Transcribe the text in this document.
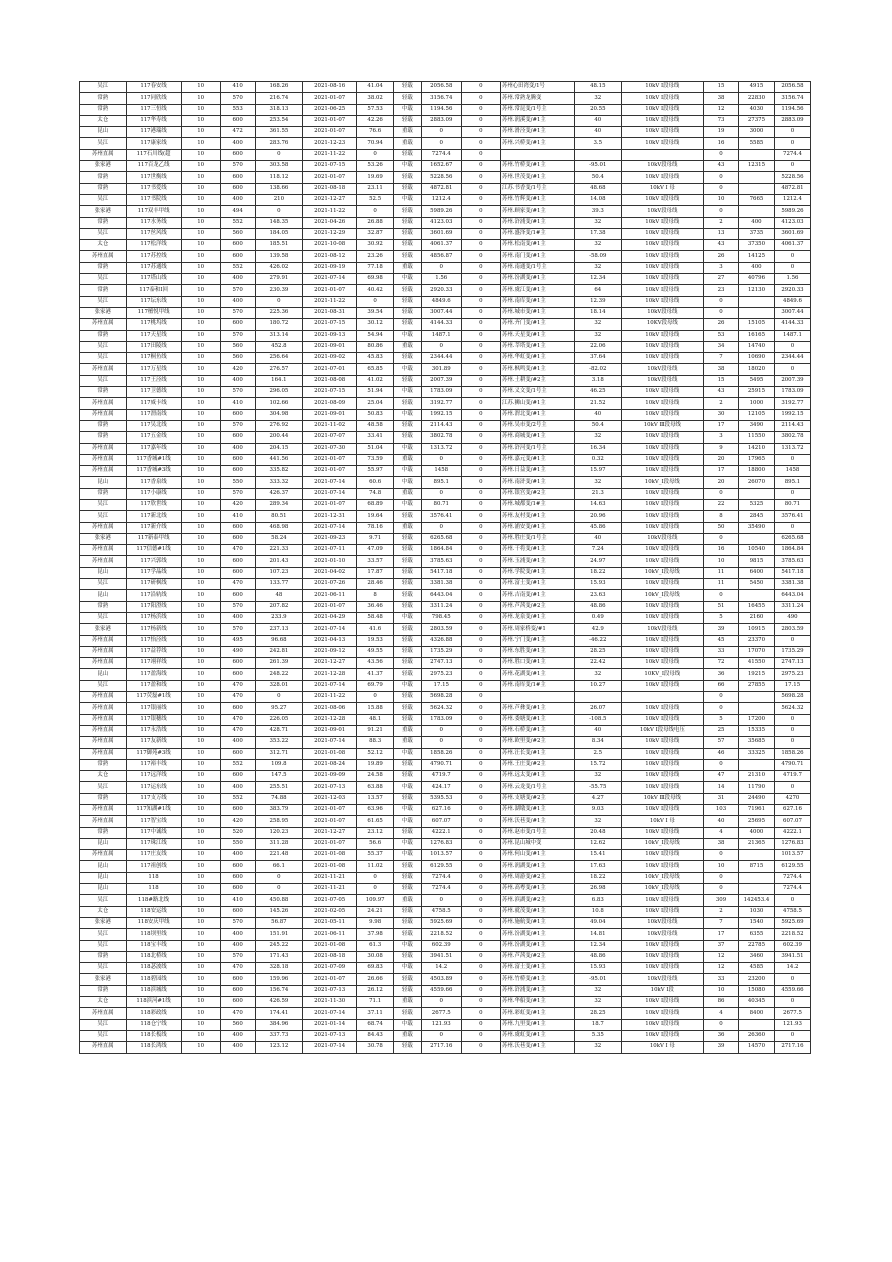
吴江	117春安线	10	410	168.26	2021-08-16	41.04	轻载	2056.58	0	苏州心田湾变/1号	48.15	10kV Ⅰ段母线	15	4915	2056.58
常熟	117同欣线	10	570	216.74	2021-01-07	38.02	轻载	3156.74	0	苏州.常熟龙腾变	32	10kV Ⅰ段母线	38	22830	3156.74
常熟	117三恒线	10	553	318.13	2021-06-25	57.53	中载	1194.56	0	苏州.常昆变/1号主	20.55	10kV Ⅰ段母线	12	4030	1194.56
太仓	117华寿线	10	600	253.54	2021-01-07	42.26	轻载	2883.09	0	苏州.润溪变/#1主	40	10kV Ⅰ段母线	73	27375	2883.09
昆山	117港瑞线	10	472	361.55	2021-01-07	76.6	重载	0	0	苏州.滑泾变/#1主	40	10kV Ⅰ段母线	19	3000	0
吴江	117康家线	10	400	283.76	2021-12-23	70.94	重载	0	0	苏州.兴桥变/#1主	3.5	10kV Ⅰ段母线	16	5585	0
苏州直属	117石川线(超	10	600	0	2021-11-22	0	轻载	7274.4	0				0		7274.4
张家港	117百龙乙线	10	570	303.58	2021-07-15	53.26	中载	1652.67	0	苏州.竹桥变/#1主	-95.01	10kV段母线	43	12315	0
常熟	117世衡线	10	600	118.12	2021-01-07	19.69	轻载	5228.56	0	苏州.世茂变/#1主	50.4	10kV Ⅰ段母线	0		5228.56
常熟	117书爱线	10	600	138.66	2021-08-18	23.11	轻载	4872.81	0	江苏.书香变/1号主	48.68	10kV Ⅰ 母	0		4872.81
吴江	117书院线	10	400	210	2021-12-27	52.5	中载	1212.4	0	苏州.竹辉变/#1主	14.08	10kV Ⅰ段母线	10	7665	1212.4
张家港	117双丰甲线	10	494	0	2021-11-22	0	轻载	5989.26	0	苏州.顾家变/#1主	39.3	10kV段母线	0		5989.26
常熟	117水务线	10	552	148.35	2021-04-26	26.88	轻载	4123.03	0	苏州.浒浦变/#1主	32	10kV Ⅰ段母线	2	400	4123.03
吴江	117丝风线	10	560	184.05	2021-12-29	32.87	轻载	3601.69	0	苏州.盛泽变/1#主	17.38	10kV Ⅰ段母线	13	3735	3601.69
太仓	117松洋线	10	600	185.51	2021-10-08	30.92	轻载	4061.37	0	苏州.松南变/#1主	32	10kV Ⅰ段母线	43	37350	4061.37
苏州直属	117苏控线	10	600	139.58	2021-08-12	23.26	轻载	4856.87	0	苏州.南门变/#1主	-58.09	10kV Ⅰ段母线	26	14125	0
常熟	117苏通线	10	552	426.02	2021-09-19	77.18	重载	0	0	苏州.南通变/1号主	32	10kV Ⅰ段母线	3	400	0
吴江	117塔山线	10	400	279.91	2021-07-14	69.98	中载	1.56	0	苏州.汾湖变/#1主	12.34	10kV Ⅰ段母线	27	40796	1.56
常熟	117泰和Ⅰ回	10	570	230.39	2021-01-07	40.42	轻载	2920.33	0	苏州.虞江变/#1主	64	10kV Ⅰ段母线	23	12130	2920.33
吴江	117坛东线	10	400	0	2021-11-22	0	轻载	4849.6	0	苏州.南库变/#1主	12.39	10kV Ⅰ段母线	0		4849.6
张家港	117檀悦甲线	10	570	225.36	2021-08-31	39.54	轻载	3007.44	0	苏州.城市变/#1主	18.14	10kV段母线	0		3007.44
苏州直属	117桃坞线	10	600	180.72	2021-07-15	30.12	轻载	4144.33	0	苏州.齐门变/#1主	32	10KV段母线	26	15105	4144.33
常熟	117天星线	10	570	313.14	2021-09-13	54.94	中载	1487.1	0	苏州.天星变/#1主	32	10kV Ⅰ段母线	53	16165	1487.1
吴江	117田陵线	10	560	452.8	2021-09-01	80.86	重载	0	0	苏州.莘塔变/#1主	22.06	10kV Ⅰ段母线	34	14740	0
吴江	117桐鱼线	10	560	256.64	2021-09-02	45.83	轻载	2344.44	0	苏州.华虹变/#1主	37.64	10kV Ⅰ段母线	7	10690	2344.44
苏州直属	117万星线	10	420	276.57	2021-07-01	65.85	中载	301.89	0	苏州.枫鸣变/#1主	-82.02	10kV段母线	38	18020	0
吴江	117王泾线	10	400	164.1	2021-08-08	41.02	轻载	2007.39	0	苏州.土耕变/#2主	3.18	10kV段母线	15	5495	2007.39
常熟	117卫德线	10	570	296.05	2021-07-15	51.94	中载	1783.09	0	苏州.义文变/1号主	46.25	10kV Ⅰ段母线	43	25915	1783.09
苏州直属	117威卡线	10	410	102.66	2021-08-09	25.04	轻载	3192.77	0	江苏.狮山变/#1主	21.52	10kV Ⅰ段母线	2	1000	3192.77
苏州直属	117渭南线	10	600	304.98	2021-09-01	50.83	中载	1992.15	0	苏州.渭北变/#1主	40	10kV Ⅰ段母线	30	12105	1992.15
常熟	117吴北线	10	570	276.92	2021-11-02	48.58	轻载	2114.43	0	苏州.吴市变/2号主	50.4	10kV Ⅲ段母线	17	3490	2114.43
常熟	117五金线	10	600	200.44	2021-07-07	33.41	轻载	3802.78	0	苏州.商城变/#1主	32	10kV Ⅰ段母线	3	11550	3802.78
苏州直属	117嘉年线	10	400	204.15	2021-07-30	51.04	中载	1313.72	0	苏州.浒河变/1号主	16.34	10kV Ⅰ段母线	9	14210	1313.72
苏州直属	117香城#1线	10	600	441.56	2021-01-07	73.59	重载	0	0	苏州.嘉元变/#1主	0.32	10kV Ⅰ段母线	20	17965	0
苏州直属	117香城#3线	10	600	335.82	2021-01-07	55.97	中载	1458	0	苏州.日益变/#1主	15.97	10kV Ⅰ段母线	17	18800	1458
昆山	117香泉线	10	550	333.32	2021-07-14	60.6	中载	895.1	0	苏州.南浒变/#1主	32	10kV_Ⅰ段母线	20	26070	895.1
常熟	117小康线	10	570	426.37	2021-07-14	74.8	重载	0	0	苏州.银宫变/#2主	21.3	10kV Ⅰ段母线	0		0
吴江	117欣世线	10	420	289.34	2021-01-07	68.89	中载	80.71	0	苏州.城都变/1#主	14.63	10kV Ⅰ段母线	22	5325	80.71
吴江	117新北线	10	410	80.51	2021-12-31	19.64	轻载	3576.41	0	苏州.友村变/#1主	20.96	10kV Ⅰ段母线	8	2845	3576.41
苏州直属	117新介线	10	600	468.98	2021-07-14	78.16	重载	0	0	苏州.浦安变/#1主	45.86	10kV Ⅰ段母线	50	35490	0
张家港	117新泰甲线	10	600	58.24	2021-09-23	9.71	轻载	6265.68	0	苏州.胜庄变/1号主	40	10kV段母线	0		6265.68
苏州直属	117信德#1线	10	470	221.33	2021-07-11	47.09	轻载	1864.84	0	苏州.干将变/#1主	7.24	10kV Ⅰ段母线	16	10540	1864.84
苏州直属	117兴郭线	10	600	201.43	2021-01-10	33.57	轻载	3785.63	0	苏州.玉浦变/#1主	24.97	10kV Ⅰ段母线	10	9815	3785.63
昆山	117学晶线	10	600	107.23	2021-04-02	17.87	轻载	5417.18	0	苏州.学院变/#1主	18.22	10kV_Ⅰ段母线	11	6400	5417.18
吴江	117研枫线	10	470	133.77	2021-07-26	28.46	轻载	3381.38	0	苏州.富土变/#1主	15.93	10kV Ⅰ段母线	11	5450	3381.38
昆山	117沿轨线	10	600	48	2021-06-11	8	轻载	6443.04	0	苏州.吉南变/#1主	23.63	10kV_Ⅰ段母线	0		6443.04
常熟	117阳澄线	10	570	207.82	2021-01-07	36.46	轻载	3311.24	0	苏州.芦茜变/#2主	48.86	10kV Ⅰ段母线	51	16455	3311.24
吴江	117杨浜线	10	400	233.9	2021-04-29	58.48	中载	798.45	0	苏州.龙泉变/#1主	0.49	10kV Ⅰ段母线	5	2160	490
张家港	117杨新线	10	570	237.13	2021-07-14	41.6	轻载	2803.59	0	苏州.周家桥变/#1	42.9	10kV段母线	39	10915	2803.59
苏州直属	117怡泾线	10	495	96.68	2021-04-13	19.53	轻载	4326.88	0	苏州.宁门变/#1主	-46.22	10kV Ⅰ段母线	45	23370	0
苏州直属	117益荐线	10	490	242.81	2021-09-12	49.55	轻载	1735.29	0	苏州.东胜变/#1主	28.25	10kV Ⅰ段母线	33	17070	1735.29
苏州直属	117翊祥线	10	600	261.39	2021-12-27	43.56	轻载	2747.13	0	苏州.胜口变/#1主	22.42	10kV Ⅰ段母线	72	41550	2747.13
昆山	117盈海线	10	600	248.22	2021-12-28	41.37	轻载	2975.23	0	苏州.花湖变/#1主	32	10KV_Ⅰ段母线	36	19215	2975.23
吴江	117盈和线	10	470	328.01	2021-07-14	69.79	中载	17.15	0	苏州.南厍变/1#主	10.27	10kV Ⅰ段母线	66	27855	17.15
苏州直属	117荧磊#1线	10	470	0	2021-11-22	0	轻载	5698.28	0				0		5698.28
苏州直属	117银丽线	10	600	95.27	2021-08-06	15.88	轻载	5624.32	0	苏州.芦彝变/#1主	26.07	10kV Ⅰ段母线	0		5624.32
苏州直属	117银穗线	10	470	226.05	2021-12-28	48.1	轻载	1783.09	0	苏州.娄塘变/#1主	-108.5	10kV Ⅰ段母线	5	17200	0
苏州直属	117永浩线	10	470	428.71	2021-09-01	91.21	重载	0	0	苏州.石桥变/#1主	40	10kV Ⅰ段母线电压	25	15335	0
苏州直属	117友新线	10	400	353.22	2021-07-14	88.3	重载	0	0	苏州.欧里变/#2主	8.34	10kV Ⅰ段母线	57	35685	0
苏州直属	117御苑#3线	10	600	312.71	2021-01-08	52.12	中载	1858.26	0	苏州.汪长变/#1主	2.5	10kV Ⅰ段母线	46	33325	1858.26
常熟	117裕丰线	10	552	109.8	2021-08-24	19.89	轻载	4790.71	0	苏州.王庄变/#2主	15.72	10kV Ⅰ段母线	0		4790.71
太仓	117远洋线	10	600	147.5	2021-09-09	24.58	轻载	4719.7	0	苏州.远太变/#1主	32	10kV Ⅰ段母线	47	21310	4719.7
吴江	117运东线	10	400	255.51	2021-07-13	63.88	中载	424.17	0	苏州.云龙变/1号主	-55.75	10kV Ⅰ段母线	14	11790	0
常熟	117支万线	10	552	74.88	2021-12-03	13.57	轻载	5395.53	0	苏州.支塘变/#2主	4.27	10kV Ⅲ段母线	31	24490	4270
苏州直属	117知湖#1线	10	600	383.79	2021-01-07	63.96	中载	627.16	0	苏州.湖墩变/#1主	9.03	10kV Ⅰ段母线	103	71961	627.16
苏州直属	117智宝线	10	420	258.95	2021-01-07	61.65	中载	607.07	0	苏州.沃巷变/#1主	32	10kV Ⅰ 母	40	25695	607.07
常熟	117中诚线	10	520	120.23	2021-12-27	23.12	轻载	4222.1	0	苏州.赵市变/1号主	20.48	10kV Ⅰ段母线	4	4000	4222.1
昆山	117珠江线	10	550	311.28	2021-01-07	56.6	中载	1276.83	0	苏州.昆山城中变	12.62	10kV_Ⅰ段母线	38	21365	1276.83
苏州直属	117庄友线	10	400	221.48	2021-01-08	55.37	中载	1013.57	0	苏州.何山变/#1主	15.41	10kV Ⅰ段母线	0		1013.57
昆山	117祖创线	10	600	66.1	2021-01-08	11.02	轻载	6129.55	0	苏州.润湖变/#1主	17.63	10kV Ⅰ段母线	10	8715	6129.55
昆山	118	10	600	0	2021-11-21	0	轻载	7274.4	0	苏州.周游变/#2主	18.22	10kV_Ⅰ段母线	0		7274.4
昆山	118	10	600	0	2021-11-21	0	轻载	7274.4	0	苏州.高粤变/#1主	26.98	10kV_Ⅰ段母线	0		7274.4
吴江	118#路北线	10	410	450.88	2021-07-05	109.97	重载	0	0	苏州.滨湖变/#2主	6.83	10kV Ⅰ段母线	309	142453.4	0
太仓	118安运线	10	600	145.26	2021-02-05	24.21	轻载	4758.5	0	苏州.就茂变/#1主	10.8	10kV Ⅰ段母线	2	1030	4758.5
张家港	118安庆甲线	10	570	56.87	2021-05-11	9.98	轻载	5925.69	0	苏州.施航变/#1主	49.04	10kV段母线	7	1540	5925.69
吴江	118坝里线	10	400	151.91	2021-06-11	37.98	轻载	2218.52	0	苏州.汾湖变/#1主	14.81	10kV段母线	17	6355	2218.52
吴江	118宝丰线	10	400	245.22	2021-01-08	61.3	中载	602.39	0	苏州.汾湖变/#1主	12.34	10kV Ⅰ段母线	37	22785	602.39
常熟	118北桥线	10	570	171.43	2021-08-18	30.08	轻载	3941.51	0	苏州.芦茜变/#2主	48.86	10kV Ⅰ段母线	12	3460	3941.51
吴江	118苾波线	10	470	328.18	2021-07-09	69.83	中载	14.2	0	苏州.富土变/#1主	15.93	10kV Ⅰ段母线	12	4585	14.2
张家港	118碧园线	10	600	159.96	2021-01-07	26.66	轻载	4503.89	0	苏州.竹桥变/#1主	-95.01	10kV段母线	33	23200	0
常熟	118滨城线	10	600	156.74	2021-07-13	26.12	轻载	4559.66	0	苏州.浒浦变/#1主	32	10kV Ⅰ段	10	15080	4559.66
太仓	118滨河#1线	10	600	426.59	2021-11-30	71.1	重载	0	0	苏州.华船变/#1主	32	10kV Ⅰ段母线	86	40345	0
苏州直属	118彩政线	10	470	174.41	2021-07-14	37.11	轻载	2677.5	0	苏州.彩虹变/#1主	28.25	10kV Ⅰ段母线	4	8400	2677.5
吴江	118仓宁线	10	560	384.96	2021-01-14	68.74	中载	121.93	0	苏州.九里变/#1主	18.7	10kV Ⅰ段母线	0		121.93
吴江	118长板线	10	400	337.73	2021-07-13	84.43	重载	0	0	苏州.虞虹变/#1主	5.35	10kV Ⅰ段母线	36	26360	0
苏州直属	118长鸿线	10	400	123.12	2021-07-14	30.78	轻载	2717.16	0	苏州.沃巷变/#1主	32	10kV Ⅰ 母	39	14570	2717.16
